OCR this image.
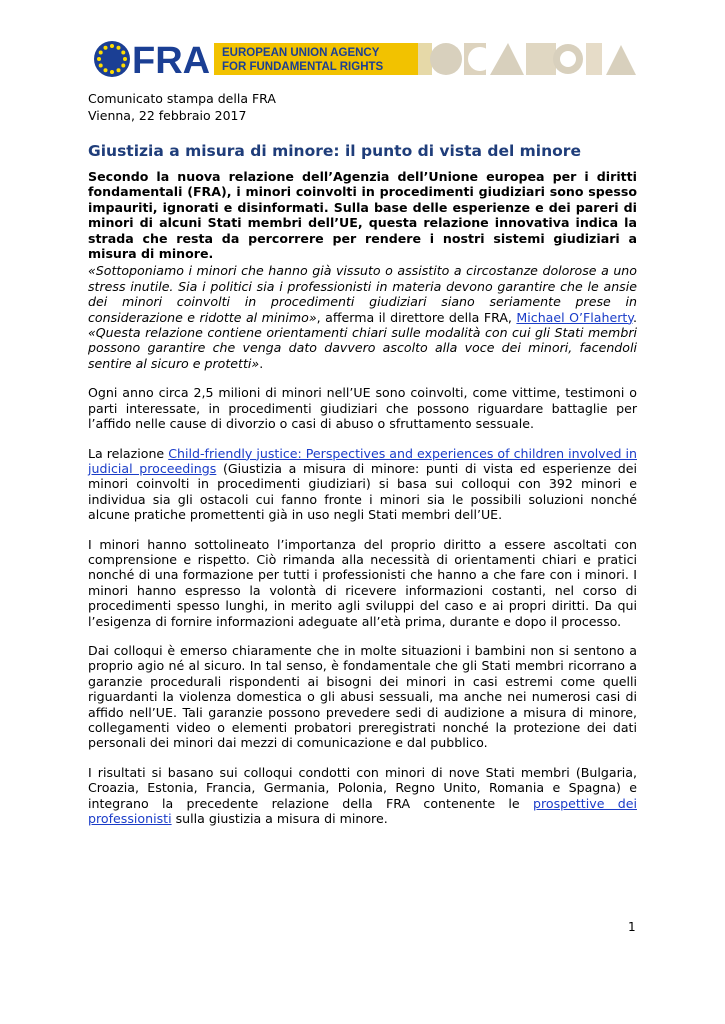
FRA EUROPEAN UNION AGENCY
FOR FUNDAMENTAL RIGHTS
Comunicato stampa della FRA
Vienna, 22 febbraio 2017
Giustizia a misura di minore: il punto di vista del minore

Secondo la nuova relazione dell’Agenzia dell’Unione europea per i diritti fondamentali (FRA), i minori coinvolti in procedimenti giudiziari sono spesso impauriti, ignorati e disinformati. Sulla base delle esperienze e dei pareri di minori di alcuni Stati membri dell’UE, questa relazione innovativa indica la strada che resta da percorrere per rendere i nostri sistemi giudiziari a misura di minore.

«Sottoponiamo i minori che hanno già vissuto o assistito a circostanze dolorose a uno stress inutile. Sia i politici sia i professionisti in materia devono garantire che le ansie dei minori coinvolti in procedimenti giudiziari siano seriamente prese in considerazione e ridotte al minimo», afferma il direttore della FRA, Michael O’Flaherty. «Questa relazione contiene orientamenti chiari sulle modalità con cui gli Stati membri possono garantire che venga dato davvero ascolto alla voce dei minori, facendoli sentire al sicuro e protetti».

Ogni anno circa 2,5 milioni di minori nell’UE sono coinvolti, come vittime, testimoni o parti interessate, in procedimenti giudiziari che possono riguardare battaglie per l’affido nelle cause di divorzio o casi di abuso o sfruttamento sessuale.

La relazione Child-friendly justice: Perspectives and experiences of children involved in judicial proceedings (Giustizia a misura di minore: punti di vista ed esperienze dei minori coinvolti in procedimenti giudiziari) si basa sui colloqui con 392 minori e individua sia gli ostacoli cui fanno fronte i minori sia le possibili soluzioni nonché alcune pratiche promettenti già in uso negli Stati membri dell’UE.

I minori hanno sottolineato l’importanza del proprio diritto a essere ascoltati con comprensione e rispetto. Ciò rimanda alla necessità di orientamenti chiari e pratici nonché di una formazione per tutti i professionisti che hanno a che fare con i minori. I minori hanno espresso la volontà di ricevere informazioni costanti, nel corso di procedimenti spesso lunghi, in merito agli sviluppi del caso e ai propri diritti. Da qui l’esigenza di fornire informazioni adeguate all’età prima, durante e dopo il processo.

Dai colloqui è emerso chiaramente che in molte situazioni i bambini non si sentono a proprio agio né al sicuro. In tal senso, è fondamentale che gli Stati membri ricorrano a garanzie procedurali rispondenti ai bisogni dei minori in casi estremi come quelli riguardanti la violenza domestica o gli abusi sessuali, ma anche nei numerosi casi di affido nell’UE. Tali garanzie possono prevedere sedi di audizione a misura di minore, collegamenti video o elementi probatori preregistrati nonché la protezione dei dati personali dei minori dai mezzi di comunicazione e dal pubblico.

I risultati si basano sui colloqui condotti con minori di nove Stati membri (Bulgaria, Croazia, Estonia, Francia, Germania, Polonia, Regno Unito, Romania e Spagna) e integrano la precedente relazione della FRA contenente le prospettive dei professionisti sulla giustizia a misura di minore.

1
